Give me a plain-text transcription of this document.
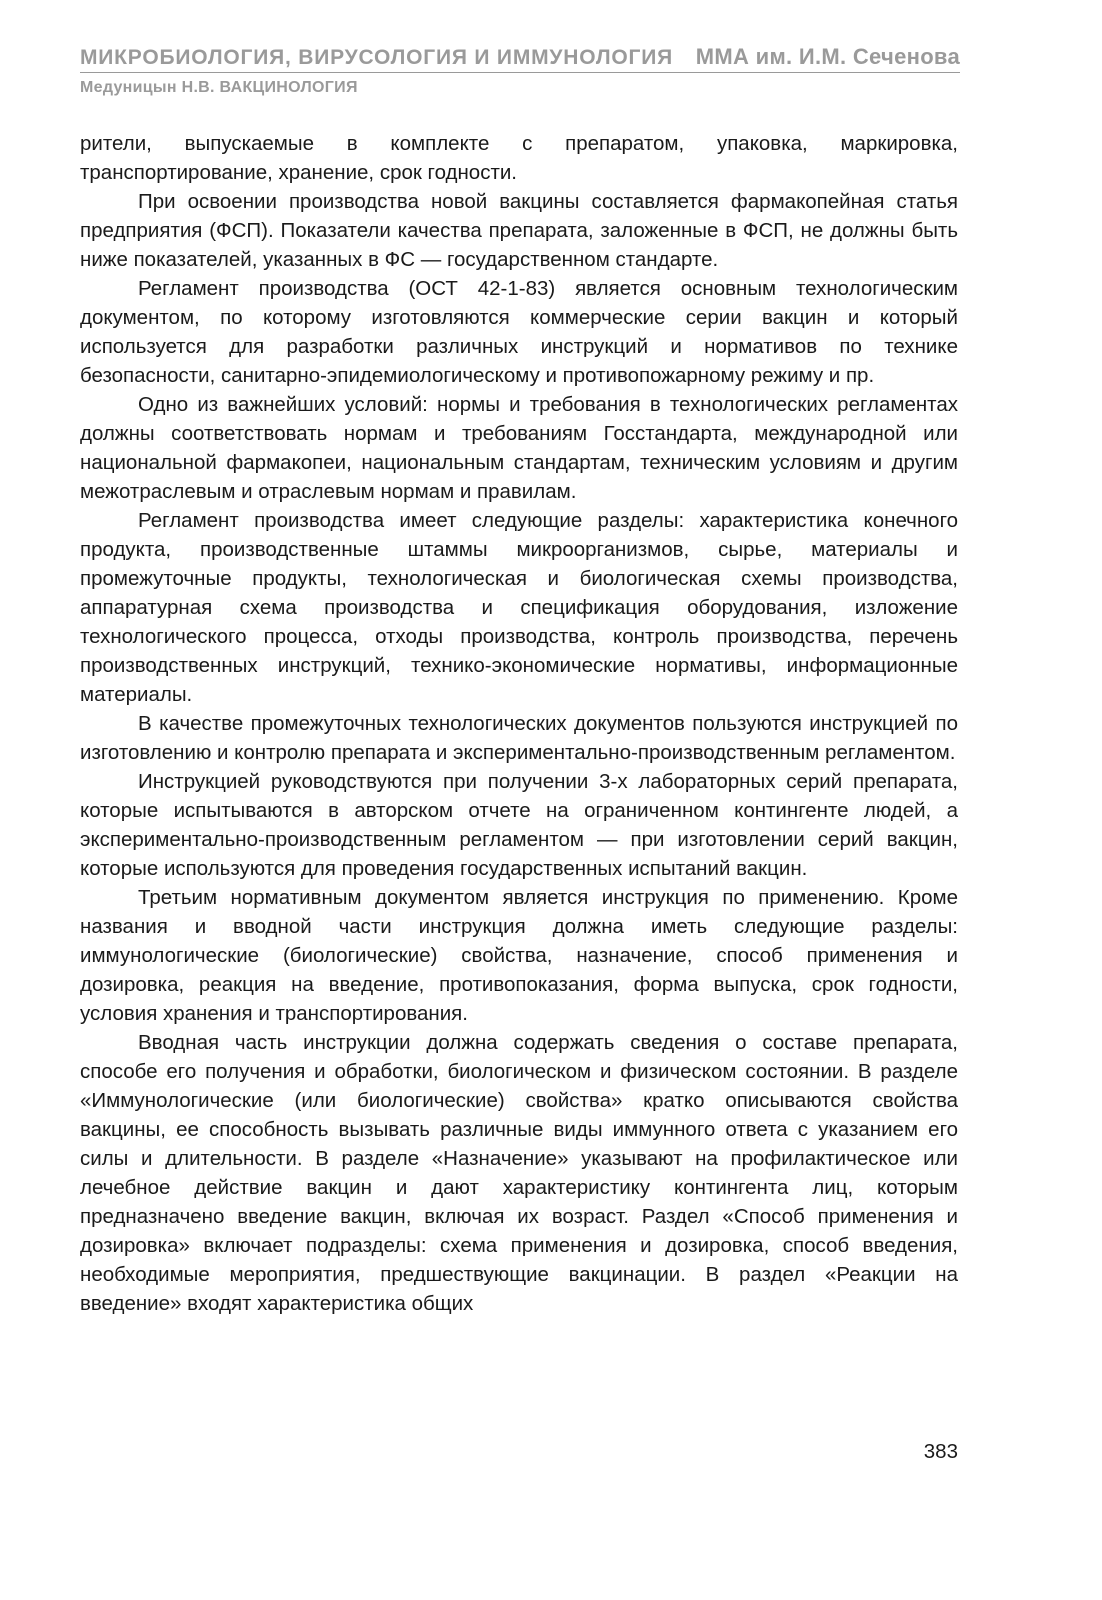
МИКРОБИОЛОГИЯ, ВИРУСОЛОГИЯ И ИММУНОЛОГИЯ ММА им. И.М. Сеченова
Медуницын Н.В. ВАКЦИНОЛОГИЯ

рители, выпускаемые в комплекте с препаратом, упаковка, маркировка, транспортирование, хранение, срок годности.

При освоении производства новой вакцины составляется фармакопейная статья предприятия (ФСП). Показатели качества препарата, заложенные в ФСП, не должны быть ниже показателей, указанных в ФС — государственном стандарте.

Регламент производства (ОСТ 42-1-83) является основным технологическим документом, по которому изготовляются коммерческие серии вакцин и который используется для разработки различных инструкций и нормативов по технике безопасности, санитарно-эпидемиологическому и противопожарному режиму и пр.

Одно из важнейших условий: нормы и требования в технологических регламентах должны соответствовать нормам и требованиям Госстандарта, международной или национальной фармакопеи, национальным стандартам, техническим условиям и другим межотраслевым и отраслевым нормам и правилам.

Регламент производства имеет следующие разделы: характеристика конечного продукта, производственные штаммы микроорганизмов, сырье, материалы и промежуточные продукты, технологическая и биологическая схемы производства, аппаратурная схема производства и спецификация оборудования, изложение технологического процесса, отходы производства, контроль производства, перечень производственных инструкций, технико-экономические нормативы, информационные материалы.

В качестве промежуточных технологических документов пользуются инструкцией по изготовлению и контролю препарата и экспериментально-производственным регламентом.

Инструкцией руководствуются при получении 3-х лабораторных серий препарата, которые испытываются в авторском отчете на ограниченном контингенте людей, а экспериментально-производственным регламентом — при изготовлении серий вакцин, которые используются для проведения государственных испытаний вакцин.

Третьим нормативным документом является инструкция по применению. Кроме названия и вводной части инструкция должна иметь следующие разделы: иммунологические (биологические) свойства, назначение, способ применения и дозировка, реакция на введение, противопоказания, форма выпуска, срок годности, условия хранения и транспортирования.

Вводная часть инструкции должна содержать сведения о составе препарата, способе его получения и обработки, биологическом и физическом состоянии. В разделе «Иммунологические (или биологические) свойства» кратко описываются свойства вакцины, ее способность вызывать различные виды иммунного ответа с указанием его силы и длительности. В разделе «Назначение» указывают на профилактическое или лечебное действие вакцин и дают характеристику контингента лиц, которым предназначено введение вакцин, включая их возраст. Раздел «Способ применения и дозировка» включает подразделы: схема применения и дозировка, способ введения, необходимые мероприятия, предшествующие вакцинации. В раздел «Реакции на введение» входят характеристика общих

383
